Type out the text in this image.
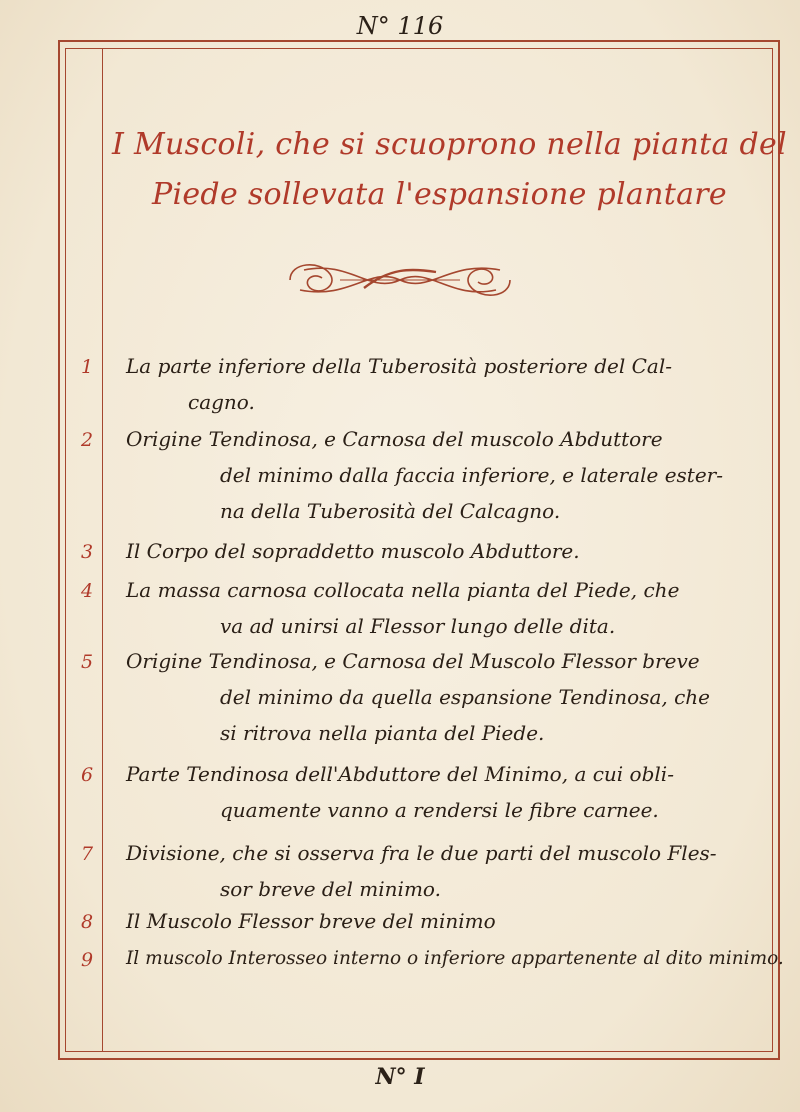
N° 116
I Muscoli, che si scuoprono nella pianta del
Piede sollevata l'espansione plantare
1	La parte inferiore della Tuberosità posteriore del Cal-
cagno.
2	Origine Tendinosa, e Carnosa del muscolo Abduttore
del minimo dalla faccia inferiore, e laterale ester-
na della Tuberosità del Calcagno.
3	Il Corpo del sopraddetto muscolo Abduttore.
4	La massa carnosa collocata nella pianta del Piede, che
va ad unirsi al Flessor lungo delle dita.
5	Origine Tendinosa, e Carnosa del Muscolo Flessor breve
del minimo da quella espansione Tendinosa, che
si ritrova nella pianta del Piede.
6	Parte Tendinosa dell'Abduttore del Minimo, a cui obli-
quamente vanno a rendersi le fibre carnee.
7	Divisione, che si osserva fra le due parti del muscolo Fles-
sor breve del minimo.
8	Il Muscolo Flessor breve del minimo
9	Il muscolo Interosseo interno o inferiore appartenente al dito minimo.
N° I
